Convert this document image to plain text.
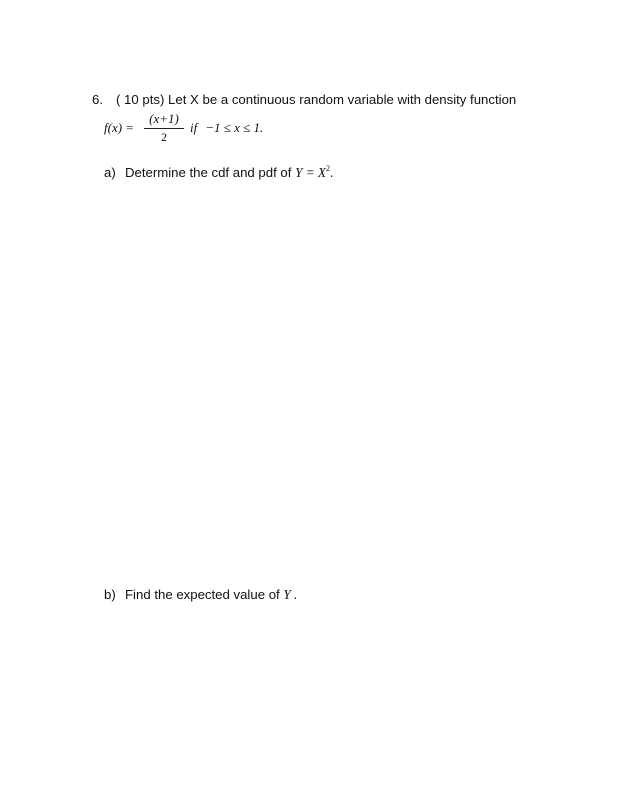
6. ( 10 pts) Let X be a continuous random variable with density function
f(x) =
(x+1)
2
if −1 ≤ x ≤ 1.
a) Determine the cdf and pdf of $Y = X^2$.
b) Find the expected value of Y .
